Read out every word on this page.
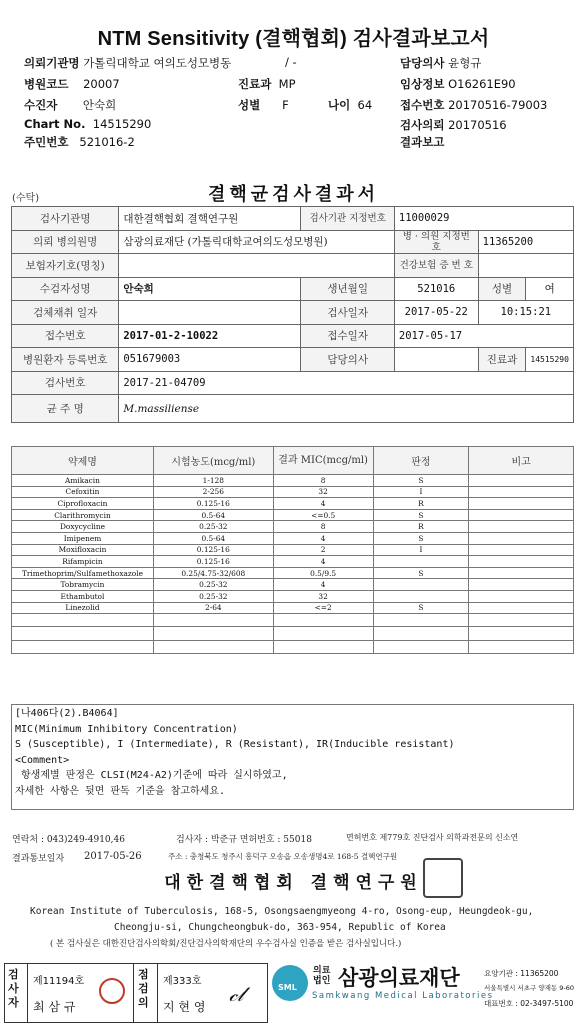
NTM Sensitivity (결핵협회) 검사결과보고서
의뢰기관명 가톨릭대학교 여의도성모병동
병원코드 20007
수진자 안숙희
Chart No. 14515290
주민번호 521016-2
/ -
진료과 MP
성별 F	나이 64
담당의사 윤형규
임상정보 O16261E90
접수번호 20170516-79003
검사의뢰 20170516
결과보고
(수탁)	결핵균검사결과서
검사기관명	대한결핵협회 결핵연구원	검사기관 지정번호	11000029		
의뢰 병의원명	삼광의료재단 (가톨릭대학교여의도성모병원)		병 · 의원 지정번호	11365200	
보험자기호(명칭)			건강보험 증 번 호		
수검자성명	안숙희	생년월일	521016	성별	여
검체채취 일자		검사일자	2017-05-22	10:15:21	
접수번호	2017-01-2-10022	접수일자	2017-05-17		
병원환자 등록번호	051679003	담당의사		진료과	14515290
검사번호	2017-21-04709				
균 주 명	M.massiliense				
약제명	시험농도(mcg/ml)	결과 MIC(mcg/ml)	판정	비고
Amikacin	1-128	8	S	
Cefoxitin	2-256	32	I	
Ciprofloxacin	0.125-16	4	R	
Clarithromycin	0.5-64	<=0.5	S	
Doxycycline	0.25-32	8	R	
Imipenem	0.5-64	4	S	
Moxifloxacin	0.125-16	2	I	
Rifampicin	0.125-16	4		
Trimethoprim/Sulfamethoxazole	0.25/4.75-32/608	0.5/9.5	S	
Tobramycin	0.25-32	4		
Ethambutol	0.25-32	32		
Linezolid	2-64	<=2	S	

[나406다(2).B4064]
MIC(Minimum Inhibitory Concentration)
S (Susceptible), I (Intermediate), R (Resistant), IR(Inducible resistant)
<Comment>
항생제별 판정은 CLSI(M24-A2)기준에 따라 실시하였고,
자세한 사항은 뒷면 판독 기준을 참고하세요.
연락처 : 043)249-4910,46	검사자 : 박준규 면허번호 : 55018	면허번호 제779호 진단검사 의학과전문의 신소연
결과통보일자 2017-05-26	주소 : 충청북도 청주시 흥덕구 오송읍 오송생명4로 168-5 결핵연구원
대한결핵협회 결핵연구원
Korean Institute of Tuberculosis, 168-5, Osongsaengmyeong 4-ro, Osong-eup, Heungdeok-gu,
Cheongju-si, Chungcheongbuk-do, 363-954, Republic of Korea
( 본 검사실은 대한진단검사의학회/진단검사의학재단의 우수검사실 인증을 받은 검사실입니다.)
검사자
제11194호
최 삼 규
점검의
제333호
지 현 영
𝒸𝓁	SML
의료 법인 삼광의료재단
Samkwang Medical Laboratories
요양기관 : 11365200
서울특별시 서초구 양재동 9-60
대표번호 : 02-3497-5100
